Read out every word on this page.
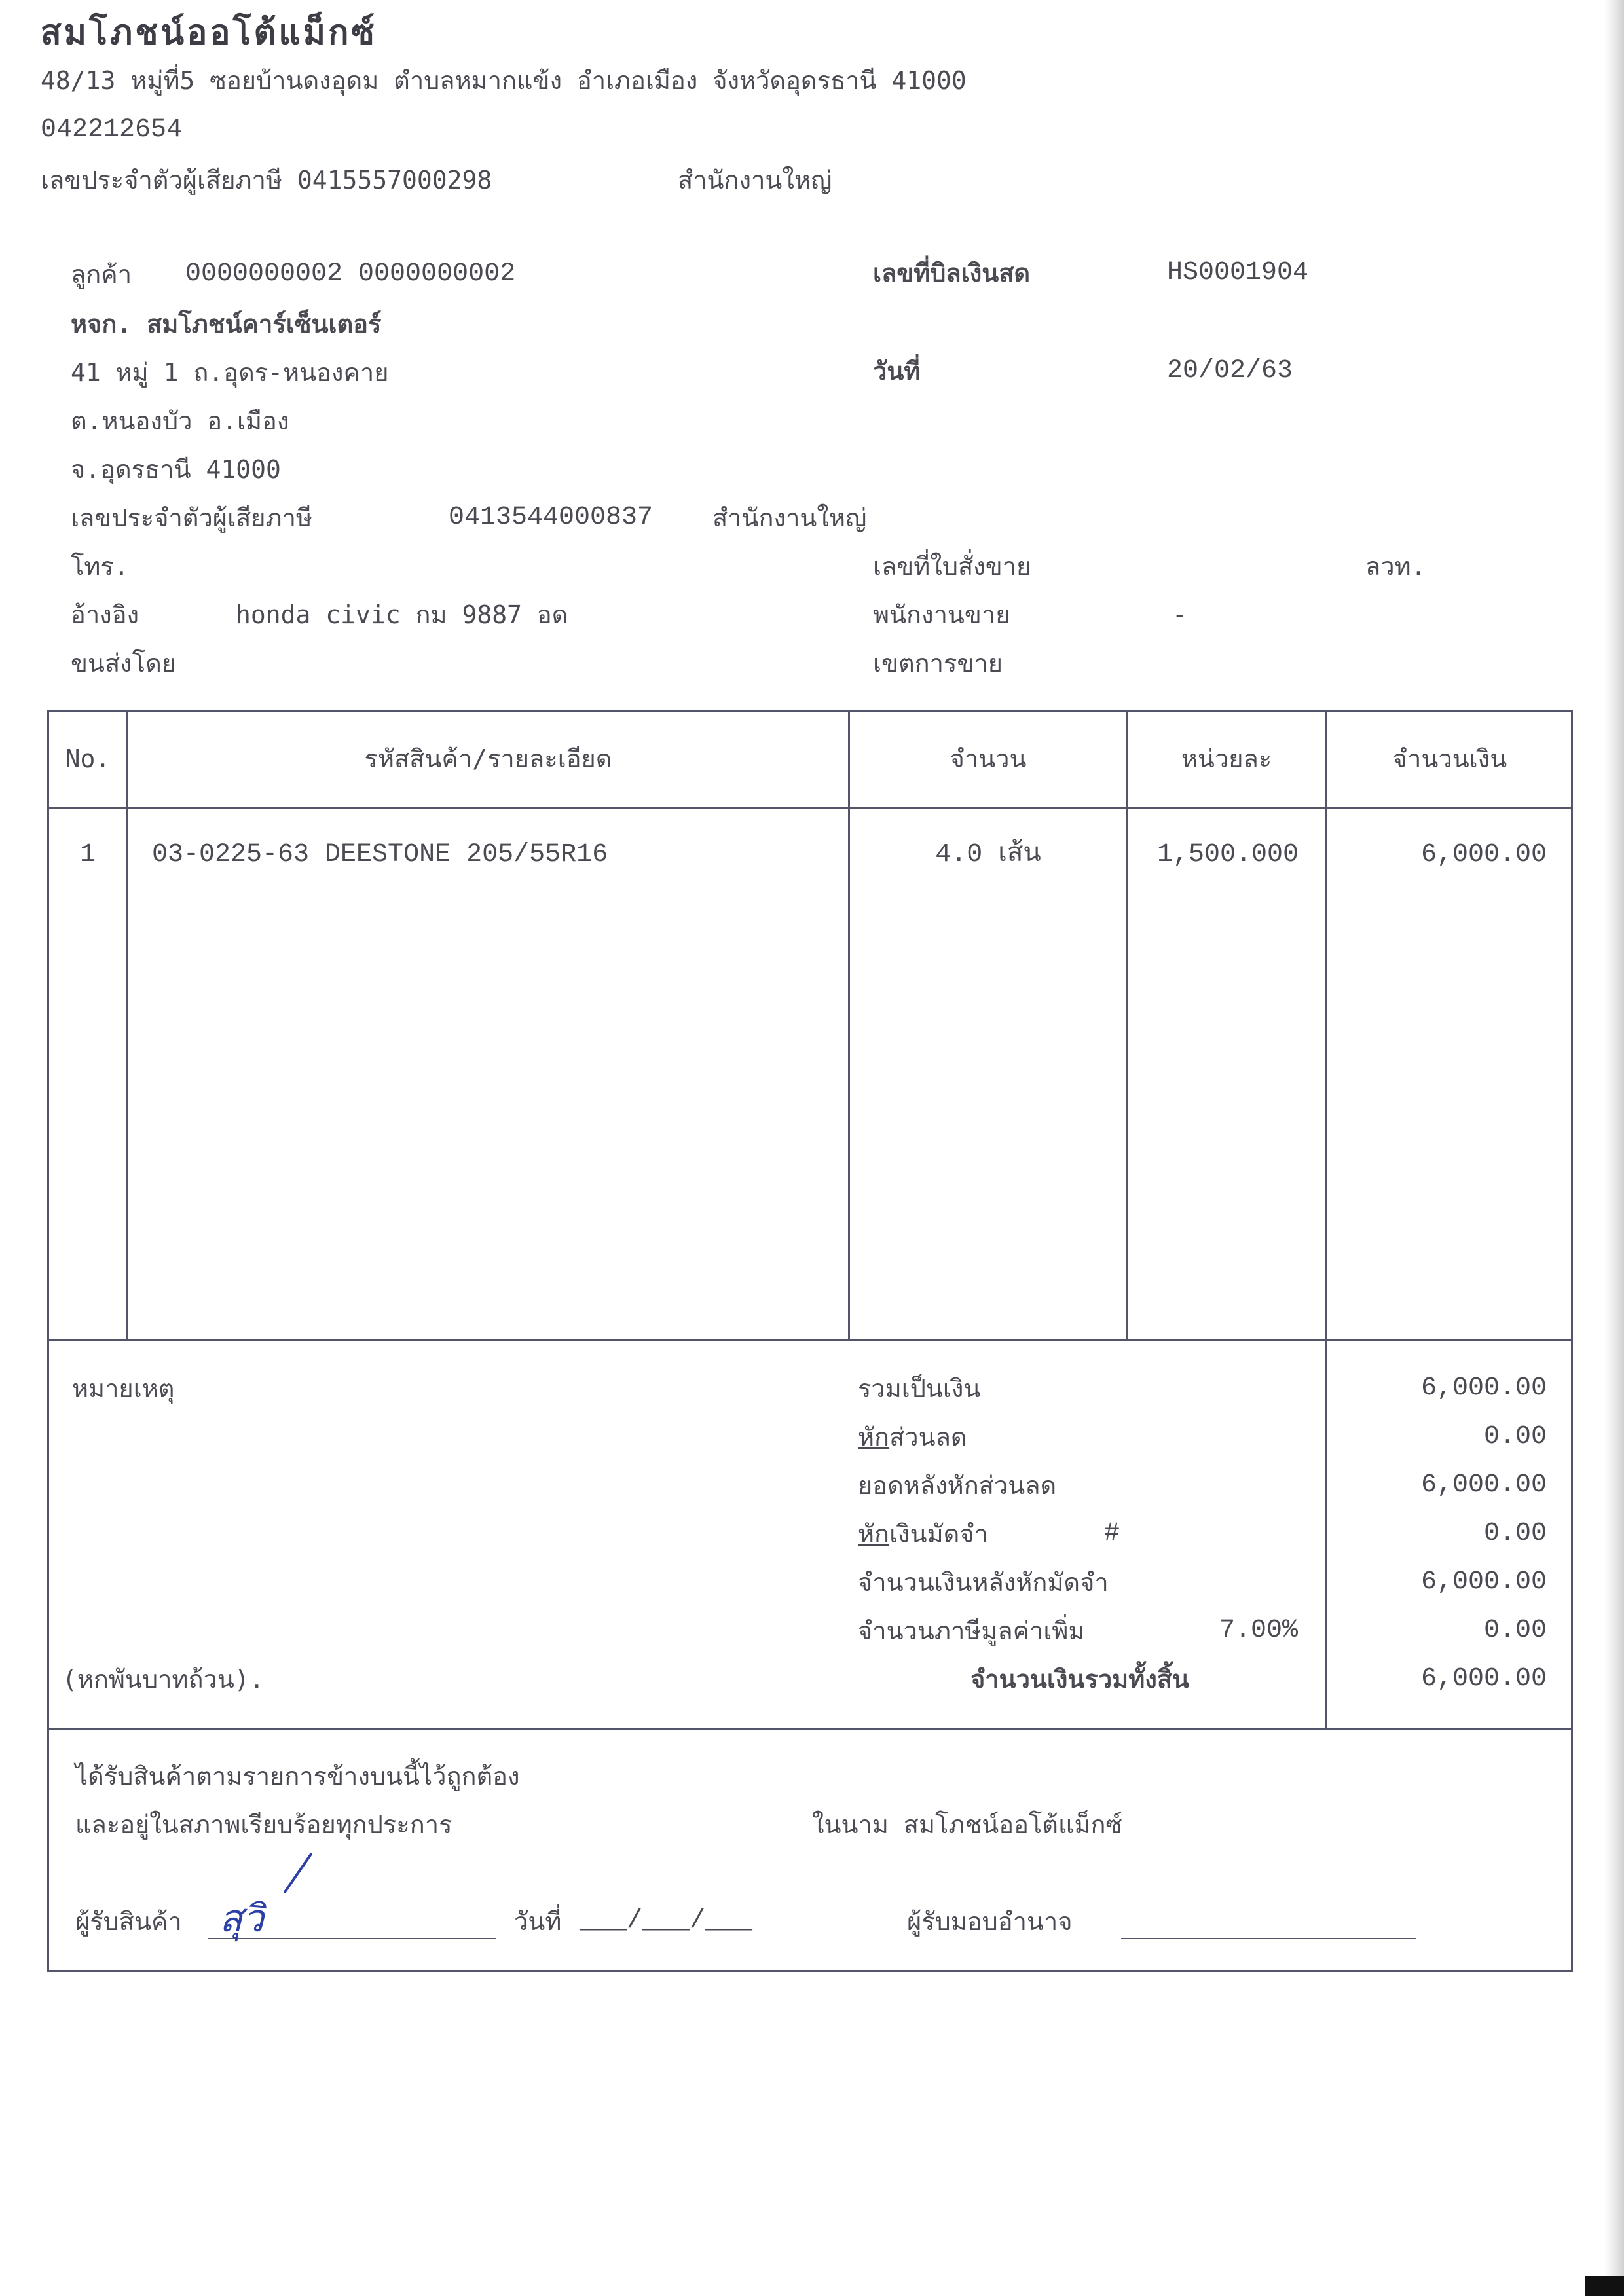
สมโภชน์ออโต้แม็กซ์
48/13 หมู่ที่5 ซอยบ้านดงอุดม ตำบลหมากแข้ง อำเภอเมือง จังหวัดอุดรธานี 41000
042212654
เลขประจำตัวผู้เสียภาษี 0415557000298	สำนักงานใหญ่
ลูกค้า 0000000002 0000000002
หจก. สมโภชน์คาร์เซ็นเตอร์
41 หมู่ 1 ถ.อุดร-หนองคาย
ต.หนองบัว อ.เมือง
จ.อุดรธานี 41000
เลขประจำตัวผู้เสียภาษี	0413544000837 สำนักงานใหญ่
โทร.
อ้างอิง	honda civic กม 9887 อด
ขนส่งโดย
เลขที่บิลเงินสด	HS0001904
วันที่	20/02/63
เลขที่ใบสั่งขาย	ลวท.
พนักงานขาย	-
เขตการขาย
No.	รหัสสินค้า/รายละเอียด	จำนวน	หน่วยละ	จำนวนเงิน
1	03-0225-63 DEESTONE 205/55R16	4.0 เส้น	1,500.000	6,000.00
หมายเหตุ
(หกพันบาทถ้วน).
รวมเป็นเงิน	6,000.00
หักส่วนลด	0.00
ยอดหลังหักส่วนลด	6,000.00
หักเงินมัดจำ	#	0.00
จำนวนเงินหลังหักมัดจำ	6,000.00
จำนวนภาษีมูลค่าเพิ่ม	7.00%	0.00
จำนวนเงินรวมทั้งสิ้น	6,000.00
ได้รับสินค้าตามรายการข้างบนนี้ไว้ถูกต้อง
และอยู่ในสภาพเรียบร้อยทุกประการ	ในนาม สมโภชน์ออโต้แม็กซ์
ผู้รับสินค้า สุวิ	วันที่ ___/___/___	ผู้รับมอบอำนาจ
